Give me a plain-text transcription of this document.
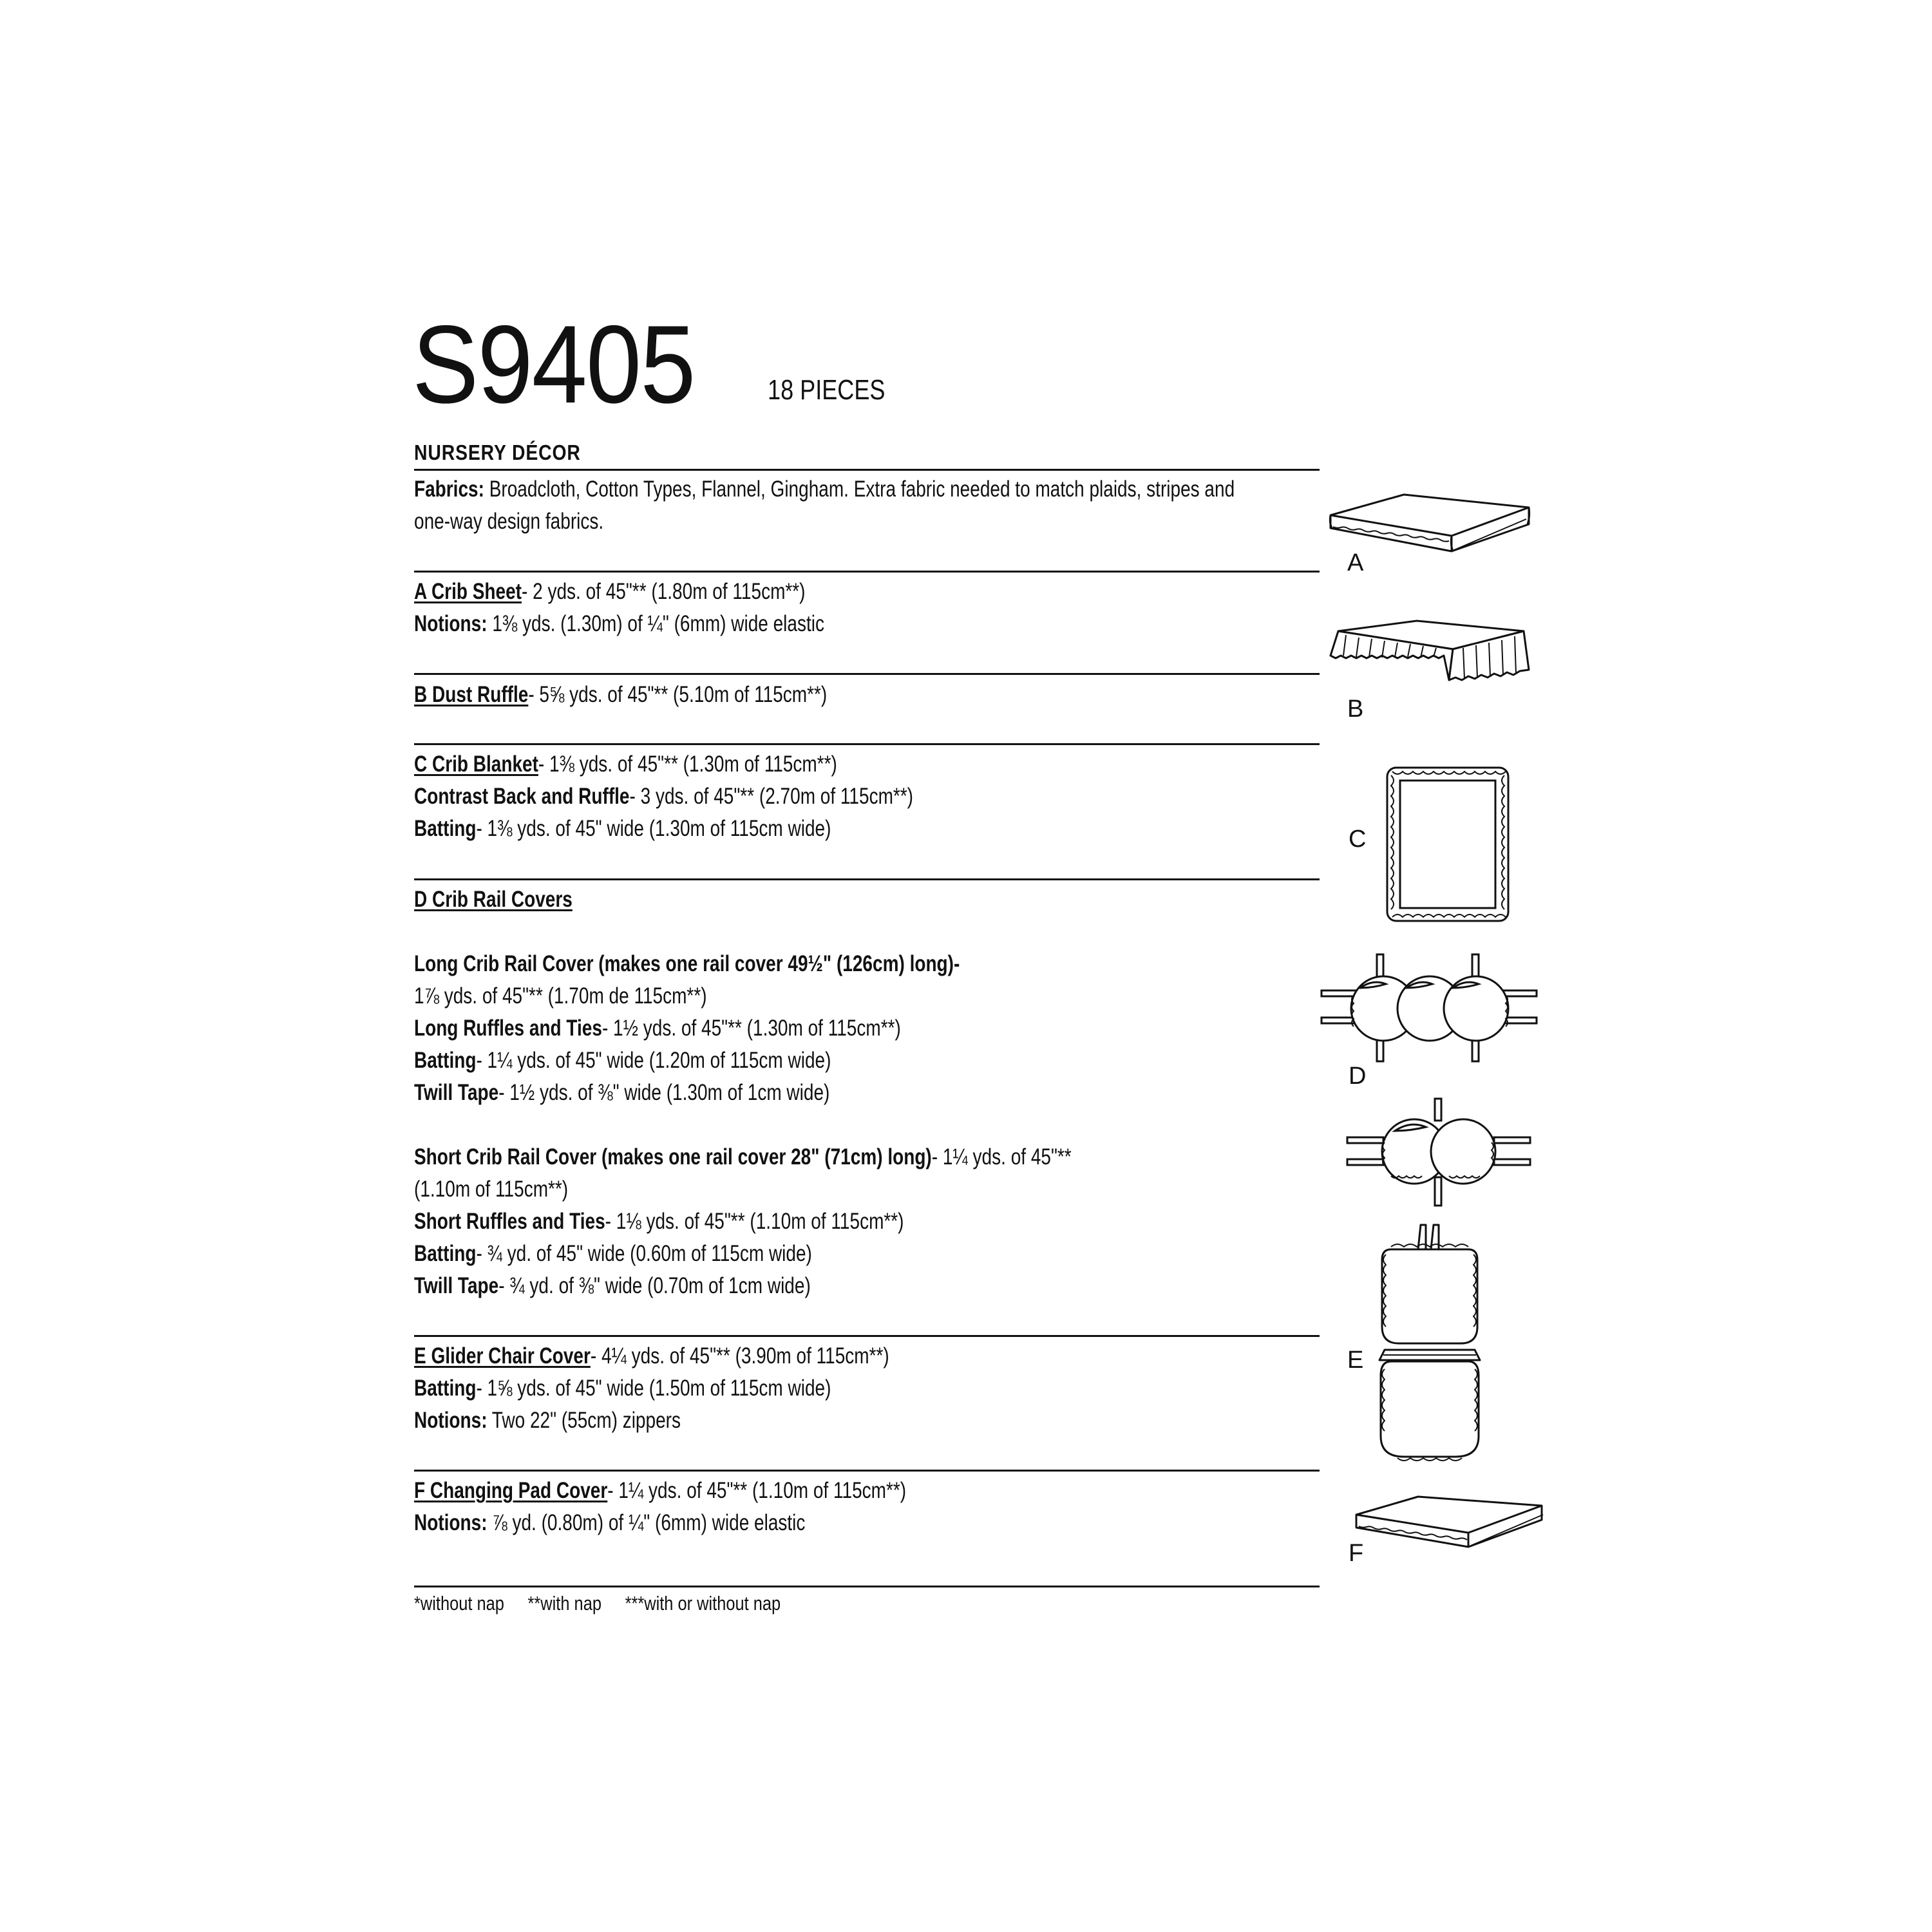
S9405	18 PIECES
NURSERY DÉCOR

Fabrics: Broadcloth, Cotton Types, Flannel, Gingham. Extra fabric needed to match plaids, stripes and

one-way design fabrics.

A Crib Sheet- 2 yds. of 45"** (1.80m of 115cm**)

Notions: 1⅜ yds. (1.30m) of ¼" (6mm) wide elastic

B Dust Ruffle- 5⅝ yds. of 45"** (5.10m of 115cm**)

C Crib Blanket- 1⅜ yds. of 45"** (1.30m of 115cm**)

Contrast Back and Ruffle- 3 yds. of 45"** (2.70m of 115cm**)

Batting- 1⅜ yds. of 45" wide (1.30m of 115cm wide)

D Crib Rail Covers

Long Crib Rail Cover (makes one rail cover 49½" (126cm) long)-

1⅞ yds. of 45"** (1.70m de 115cm**)

Long Ruffles and Ties- 1½ yds. of 45"** (1.30m of 115cm**)

Batting- 1¼ yds. of 45" wide (1.20m of 115cm wide)

Twill Tape- 1½ yds. of ⅜" wide (1.30m of 1cm wide)

Short Crib Rail Cover (makes one rail cover 28" (71cm) long)- 1¼ yds. of 45"**

(1.10m of 115cm**)

Short Ruffles and Ties- 1⅛ yds. of 45"** (1.10m of 115cm**)

Batting- ¾ yd. of 45" wide (0.60m of 115cm wide)

Twill Tape- ¾ yd. of ⅜" wide (0.70m of 1cm wide)

E Glider Chair Cover- 4¼ yds. of 45"** (3.90m of 115cm**)

Batting- 1⅝ yds. of 45" wide (1.50m of 115cm wide)

Notions: Two 22" (55cm) zippers

F Changing Pad Cover- 1¼ yds. of 45"** (1.10m of 115cm**)

Notions: ⅞ yd. (0.80m) of ¼" (6mm) wide elastic

*without nap **with nap ***with or without nap
A
B
C
D
E
F
